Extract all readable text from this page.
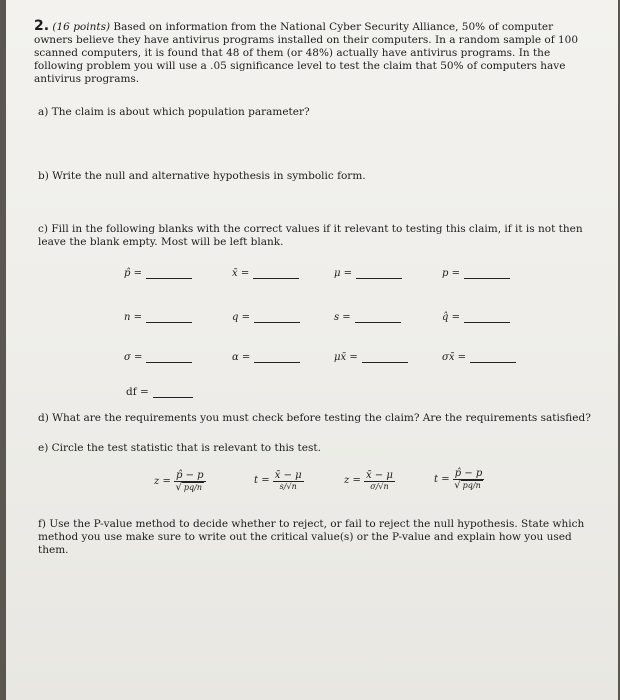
2. (16 points) Based on information from the National Cyber Security Alliance, 50% of computer owners believe they have antivirus programs installed on their computers. In a random sample of 100 scanned computers, it is found that 48 of them (or 48%) actually have antivirus programs. In the following problem you will use a .05 significance level to test the claim that 50% of computers have antivirus programs.
a) The claim is about which population parameter?
b) Write the null and alternative hypothesis in symbolic form.
c) Fill in the following blanks with the correct values if it relevant to testing this claim, if it is not then leave the blank empty. Most will be left blank.
p̂ =	x̄ =	μ =	p =
n =	q =	s =	q̂ =
σ =	α =	μx̄ =	σx̄ =
df =
d) What are the requirements you must check before testing the claim? Are the requirements satisfied?
e) Circle the test statistic that is relevant to this test.
$z = \frac{p̂ - p}{√ pq/n}$	$t = \frac{x̄ - \mu}{s/√n}$	$z = \frac{x̄ - \mu}{\sigma/√n}$	$t = \frac{p̂ - p}{√ pq/n}$
f) Use the P-value method to decide whether to reject, or fail to reject the null hypothesis. State which method you use make sure to write out the critical value(s) or the P-value and explain how you used them.
